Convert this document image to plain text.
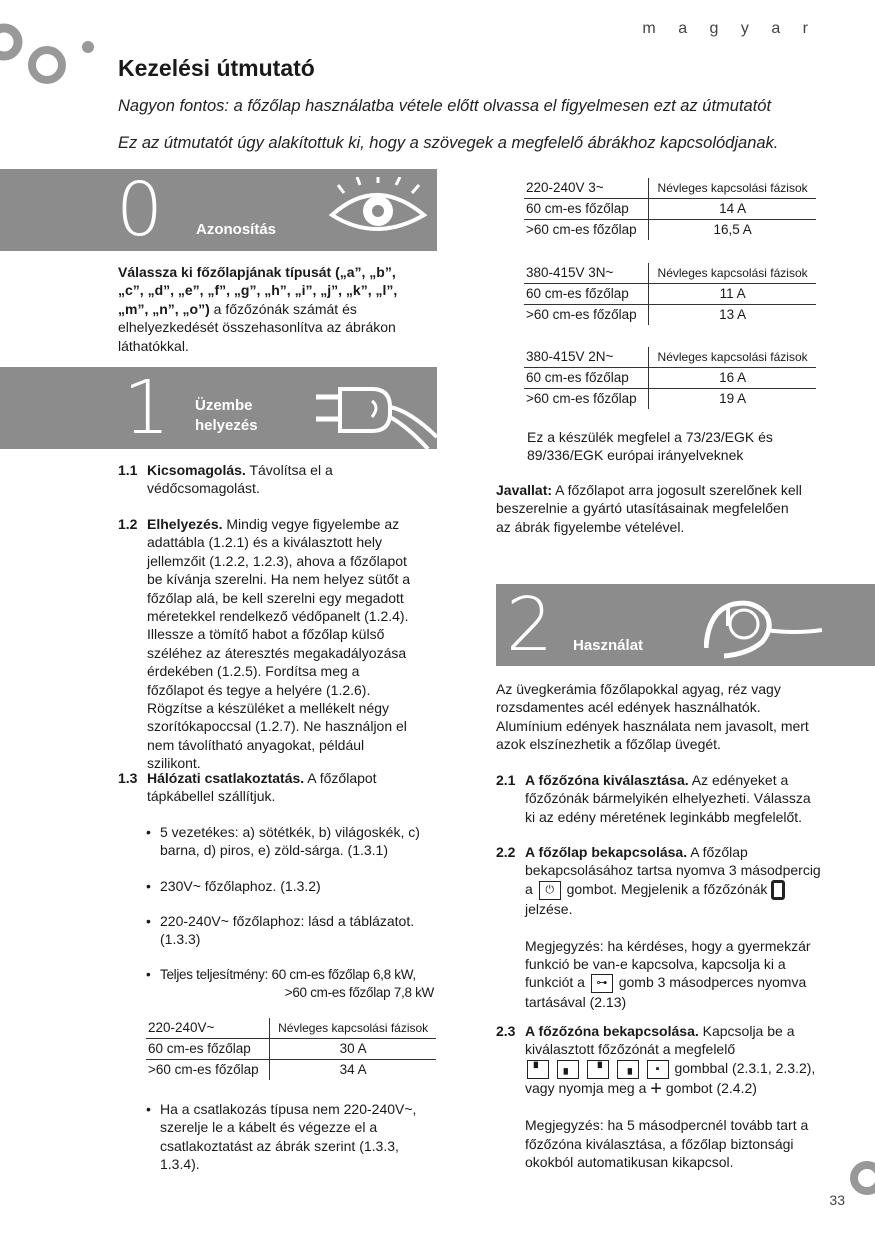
m a g y a r
Kezelési útmutató
Nagyon fontos: a főzőlap használatba vétele előtt olvassa el figyelmesen ezt az útmutatót
Ez az útmutatót úgy alakítottuk ki, hogy a szövegek a megfelelő ábrákhoz kapcsolódjanak.
0 Azonosítás
Válassza ki főzőlapjának típusát („a”, „b”, „c”, „d”, „e”, „f”, „g”, „h”, „i”, „j”, „k”, „l”, „m”, „n”, „o”) a főzőzónák számát és elhelyezkedését összehasonlítva az ábrákon láthatókkal.
1 Üzembe
helyezés
1.1 Kicsomagolás. Távolítsa el a védőcsomagolást.
1.2 Elhelyezés. Mindig vegye figyelembe az adattábla (1.2.1) és a kiválasztott hely jellemzőit (1.2.2, 1.2.3), ahova a főzőlapot be kívánja szerelni. Ha nem helyez sütőt a főzőlap alá, be kell szerelni egy megadott méretekkel rendelkező védőpanelt (1.2.4). Illessze a tömítő habot a főzőlap külső széléhez az áteresztés megakadályozása érdekében (1.2.5). Fordítsa meg a főzőlapot és tegye a helyére (1.2.6). Rögzítse a készüléket a mellékelt négy szorítókapoccsal (1.2.7). Ne használjon el nem távolítható anyagokat, például szilikont.
1.3 Hálózati csatlakoztatás. A főzőlapot tápkábellel szállítjuk.
• 5 vezetékes: a) sötétkék, b) világoskék, c) barna, d) piros, e) zöld-sárga. (1.3.1)
• 230V~ főzőlaphoz. (1.3.2)
• 220-240V~ főzőlaphoz: lásd a táblázatot. (1.3.3)
• Teljes teljesítmény: 60 cm-es főzőlap 6,8 kW,
>60 cm-es főzőlap 7,8 kW
220-240V~	Névleges kapcsolási fázisok
60 cm-es főzőlap	30 A
>60 cm-es főzőlap	34 A
• Ha a csatlakozás típusa nem 220-240V~, szerelje le a kábelt és végezze el a csatlakoztatást az ábrák szerint (1.3.3, 1.3.4).
220-240V 3~	Névleges kapcsolási fázisok
60 cm-es főzőlap	14 A
>60 cm-es főzőlap	16,5 A
380-415V 3N~	Névleges kapcsolási fázisok
60 cm-es főzőlap	11 A
>60 cm-es főzőlap	13 A
380-415V 2N~	Névleges kapcsolási fázisok
60 cm-es főzőlap	16 A
>60 cm-es főzőlap	19 A
Ez a készülék megfelel a 73/23/EGK és
89/336/EGK európai irányelveknek
Javallat: A főzőlapot arra jogosult szerelőnek kell beszerelnie a gyártó utasításainak megfelelően az ábrák figyelembe vételével.
2 Használat
Az üvegkerámia főzőlapokkal agyag, réz vagy rozsdamentes acél edények használhatók. Alumínium edények használata nem javasolt, mert azok elszínezhetik a főzőlap üvegét.
2.1 A főzőzóna kiválasztása. Az edényeket a főzőzónák bármelyikén elhelyezheti. Válassza ki az edény méretének leginkább megfelelőt.
2.2 A főzőlap bekapcsolása. A főzőlap bekapcsolásához tartsa nyomva 3 másodpercig a ⏻ gombot. Megjelenik a főzőzónák  jelzése.
Megjegyzés: ha kérdéses, hogy a gyermekzár funkció be van-e kapcsolva, kapcsolja ki a funkciót a ⊶ gomb 3 másodperces nyomva tartásával (2.13)
2.3 A főzőzóna bekapcsolása. Kapcsolja be a kiválasztott főzőzónát a megfelelő
▘ ▖ ▝ ▗ ▪ gombbal (2.3.1, 2.3.2),
vagy nyomja meg a + gombot (2.4.2)
Megjegyzés: ha 5 másodpercnél tovább tart a főzőzóna kiválasztása, a főzőlap biztonsági okokból automatikusan kikapcsol.
33
